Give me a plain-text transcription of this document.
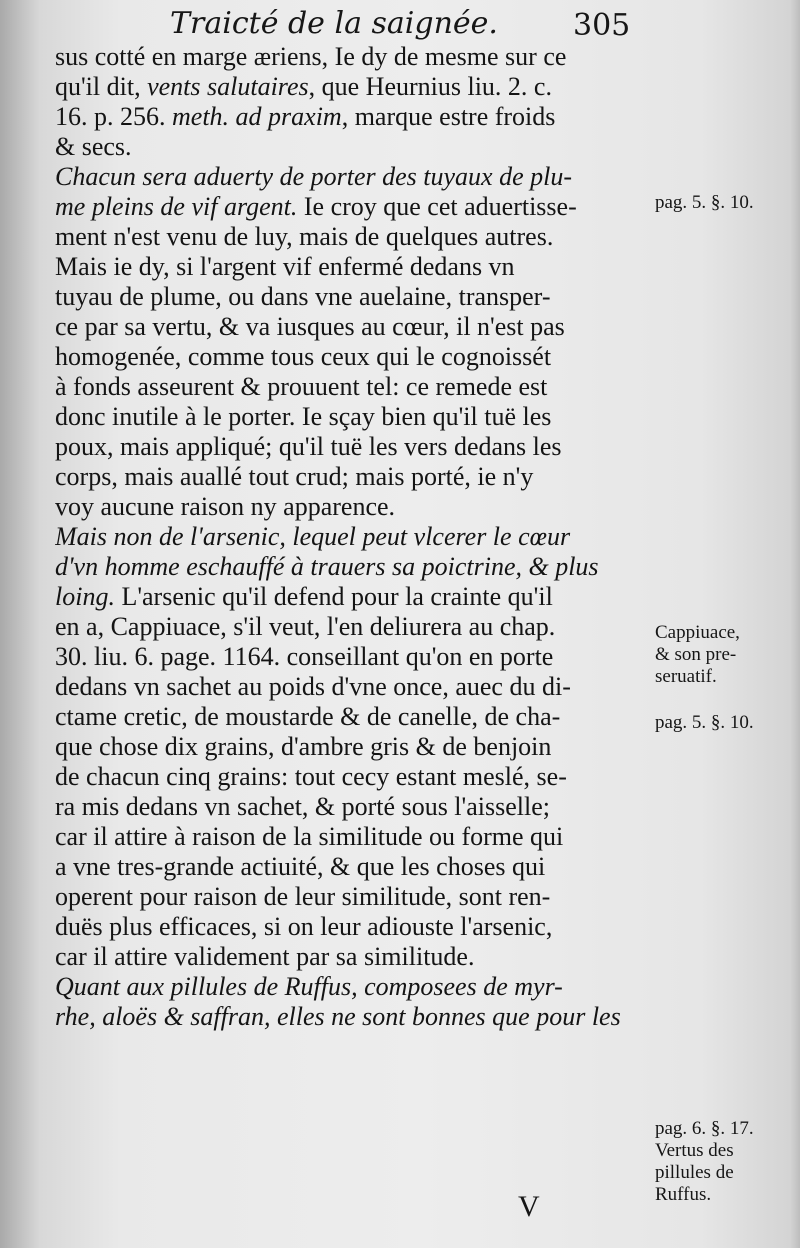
Traicté de la saignée.	305
sus cotté en marge æriens, Ie dy de mesme sur ce
qu'il dit, vents salutaires, que Heurnius liu. 2. c.
16. p. 256. meth. ad praxim, marque estre froids
& secs.
Chacun sera aduerty de porter des tuyaux de plu-
me pleins de vif argent. Ie croy que cet aduertisse-
ment n'est venu de luy, mais de quelques autres.
Mais ie dy, si l'argent vif enfermé dedans vn
tuyau de plume, ou dans vne auelaine, transper-
ce par sa vertu, & va iusques au cœur, il n'est pas
homogenée, comme tous ceux qui le cognoissét
à fonds asseurent & prouuent tel: ce remede est
donc inutile à le porter. Ie sçay bien qu'il tuë les
poux, mais appliqué; qu'il tuë les vers dedans les
corps, mais auallé tout crud; mais porté, ie n'y
voy aucune raison ny apparence.
Mais non de l'arsenic, lequel peut vlcerer le cœur
d'vn homme eschauffé à trauers sa poictrine, & plus
loing. L'arsenic qu'il defend pour la crainte qu'il
en a, Cappiuace, s'il veut, l'en deliurera au chap.
30. liu. 6. page. 1164. conseillant qu'on en porte
dedans vn sachet au poids d'vne once, auec du di-
ctame cretic, de moustarde & de canelle, de cha-
que chose dix grains, d'ambre gris & de benjoin
de chacun cinq grains: tout cecy estant meslé, se-
ra mis dedans vn sachet, & porté sous l'aisselle;
car il attire à raison de la similitude ou forme qui
a vne tres-grande actiuité, & que les choses qui
operent pour raison de leur similitude, sont ren-
duës plus efficaces, si on leur adiouste l'arsenic,
car il attire validement par sa similitude.
Quant aux pillules de Ruffus, composees de myr-
rhe, aloës & saffran, elles ne sont bonnes que pour les
pag. 5. §. 10.
Cappiuace,
& son pre-
seruatif.
pag. 5. §. 10.
pag. 6. §. 17.
Vertus des
pillules de
Ruffus.
V
